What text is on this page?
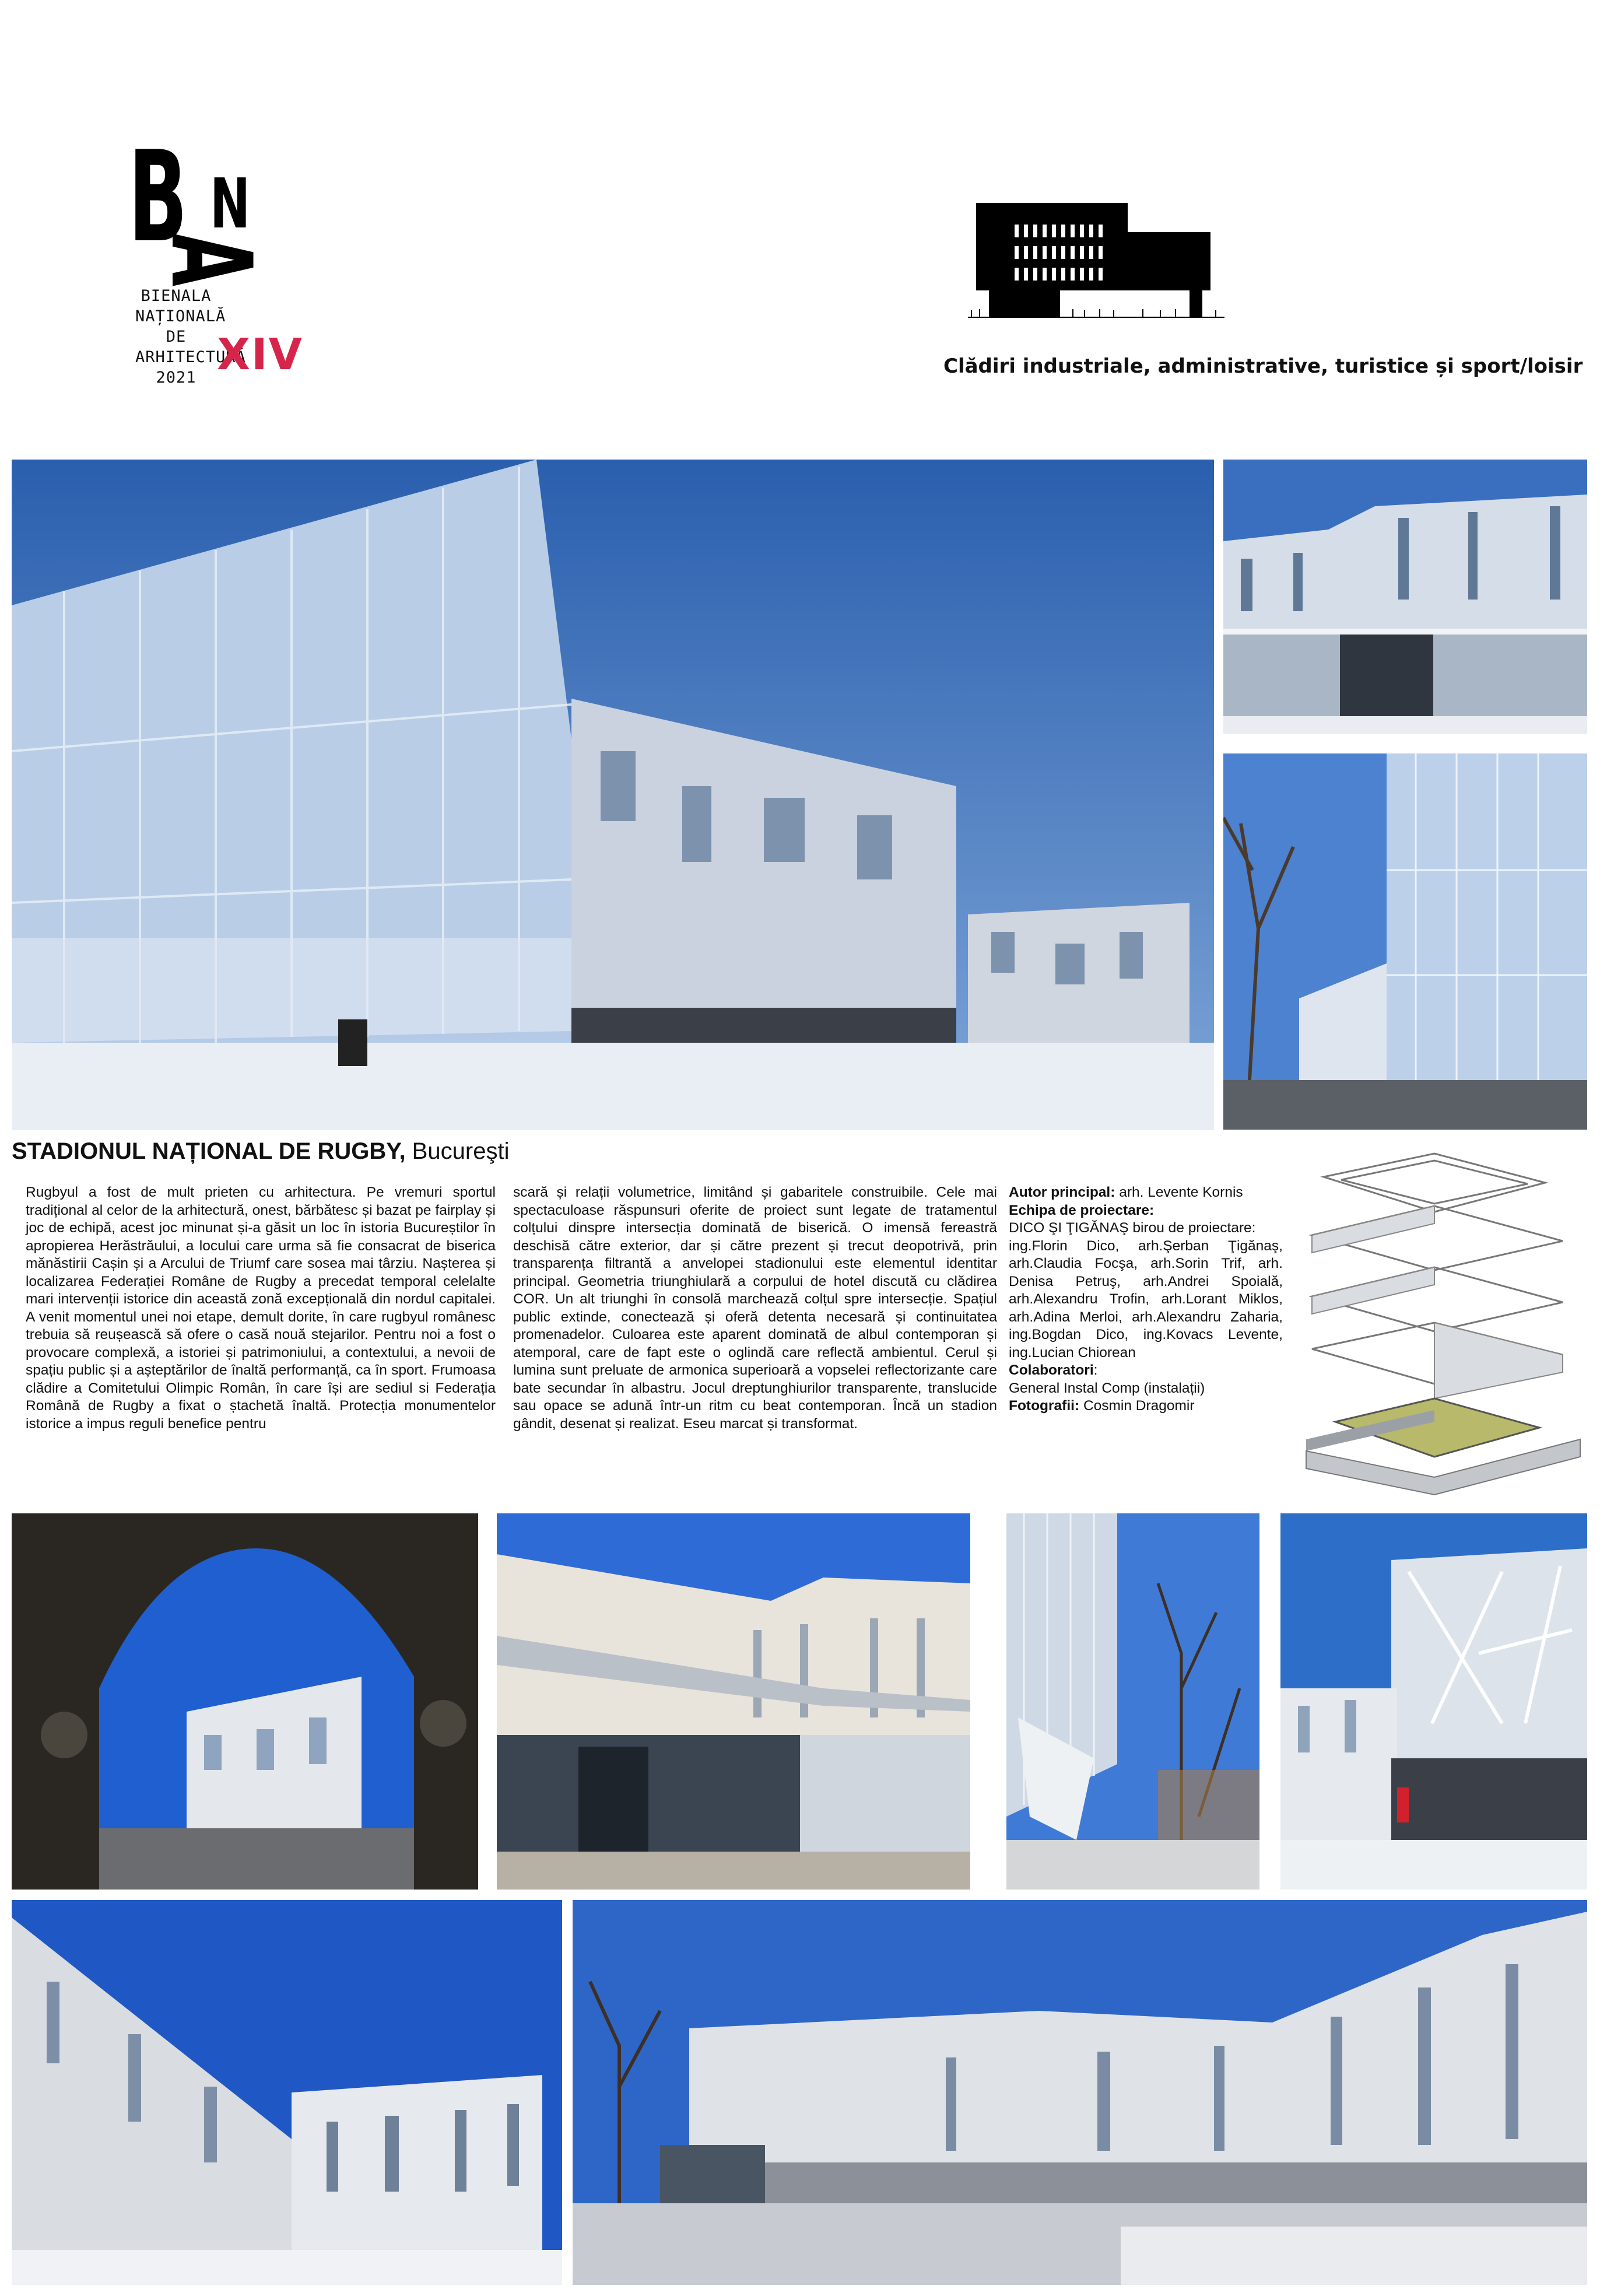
B N
A
BIENALA
NAȚIONALĂ
DE
ARHITECTURĂ
2021 XIV	Clădiri industriale, administrative, turistice și sport/loisir
STADIONUL NAȚIONAL DE RUGBY, Bucureşti
Rugbyul a fost de mult prieten cu arhitectura. Pe vremuri sportul tradițional al celor de la arhitectură, onest, bărbătesc și bazat pe fairplay și joc de echipă, acest joc minunat și-a găsit un loc în istoria Bucureștilor în apropierea Herăstrăului, a locului care urma să fie consacrat de biserica mănăstirii Cașin și a Arcului de Triumf care sosea mai târziu. Nașterea și localizarea Federației Române de Rugby a precedat temporal celelalte mari intervenții istorice din această zonă excepțională din nordul capitalei. A venit momentul unei noi etape, demult dorite, în care rugbyul românesc trebuia să reușească să ofere o casă nouă stejarilor. Pentru noi a fost o provocare complexă, a istoriei și patrimoniului, a contextului, a nevoii de spațiu public și a așteptărilor de înaltă performanță, ca în sport. Frumoasa clădire a Comitetului Olimpic Român, în care își are sediul si Federația Română de Rugby a fixat o ștachetă înaltă. Protecția monumentelor istorice a impus reguli benefice pentru
scară și relații volumetrice, limitând și gabaritele construibile. Cele mai spectaculoase răspunsuri oferite de proiect sunt legate de tratamentul colțului dinspre intersecția dominată de biserică. O imensă fereastră deschisă către exterior, dar și către prezent și trecut deopotrivă, prin transparența filtrantă a anvelopei stadionului este elementul identitar principal. Geometria triunghiulară a corpului de hotel discută cu clădirea COR. Un alt triunghi în consolă marchează colțul spre intersecție. Spațiul public extinde, conectează și oferă detenta necesară și continuitatea promenadelor. Culoarea este aparent dominată de albul contemporan și atemporal, care de fapt este o oglindă care reflectă ambientul. Cerul și lumina sunt preluate de armonica superioară a vopselei reflectorizante care bate secundar în albastru. Jocul dreptunghiurilor transparente, translucide sau opace se adună într-un ritm cu beat contemporan. Încă un stadion gândit, desenat și realizat. Eseu marcat și transformat.
Autor principal: arh. Levente Kornis
Echipa de proiectare:
DICO ŞI ŢIGĂNAŞ birou de proiectare:
ing.Florin Dico, arh.Şerban Ţigănaş, arh.Claudia Focşa, arh.Sorin Trif, arh. Denisa Petruş, arh.Andrei Spoială, arh.Alexandru Trofin, arh.Lorant Miklos, arh.Adina Merloi, arh.Alexandru Zaharia, ing.Bogdan Dico, ing.Kovacs Levente, ing.Lucian Chiorean
Colaboratori:
General Instal Comp (instalații)
Fotografii: Cosmin Dragomir
